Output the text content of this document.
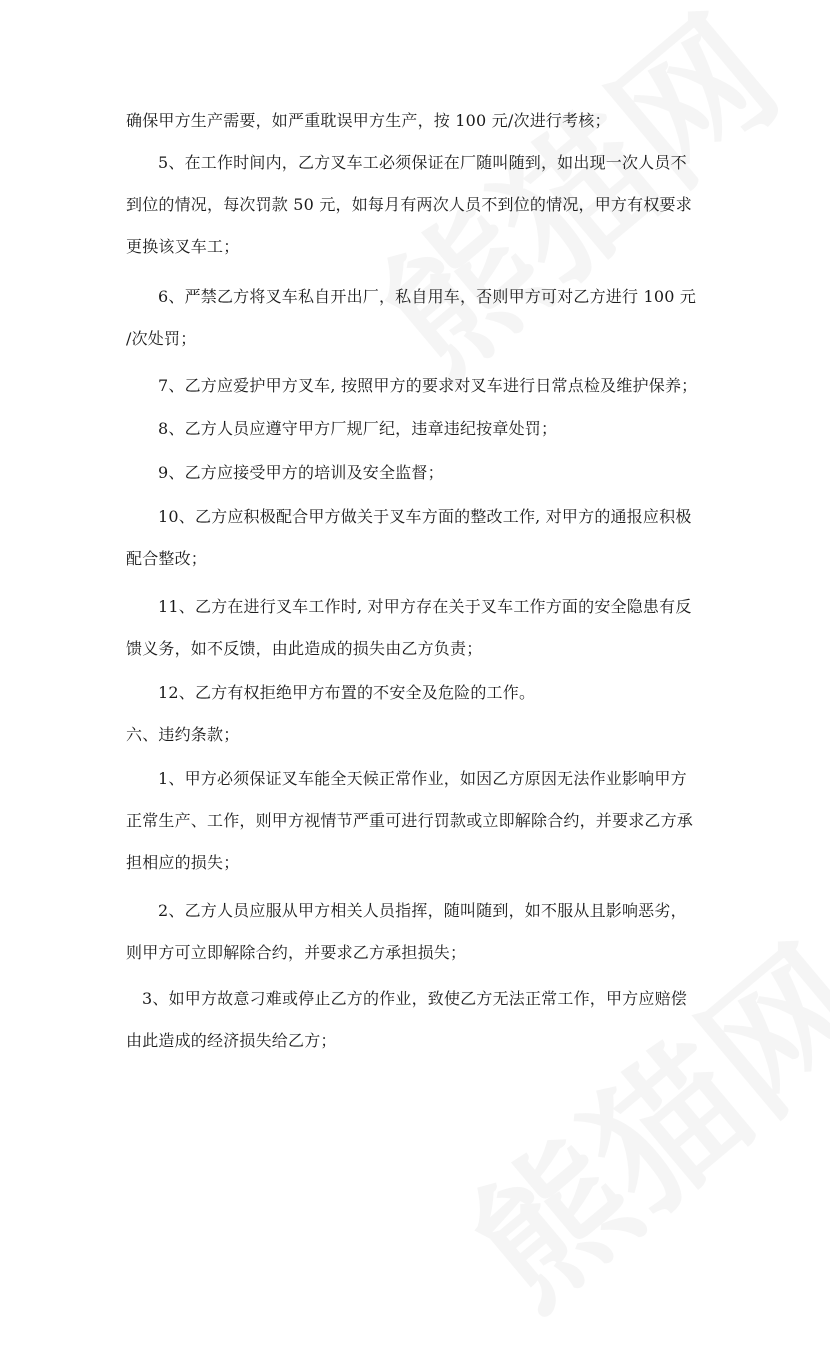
确保甲方生产需要，如严重耽误甲方生产，按 100 元/次进行考核；
5、在工作时间内，乙方叉车工必须保证在厂随叫随到，如出现一次人员不
到位的情况，每次罚款 50 元，如每月有两次人员不到位的情况，甲方有权要求
更换该叉车工；
6、严禁乙方将叉车私自开出厂，私自用车，否则甲方可对乙方进行 100 元
/次处罚；
7、乙方应爱护甲方叉车, 按照甲方的要求对叉车进行日常点检及维护保养；
8、乙方人员应遵守甲方厂规厂纪，违章违纪按章处罚；
9、乙方应接受甲方的培训及安全监督；
10、乙方应积极配合甲方做关于叉车方面的整改工作, 对甲方的通报应积极
配合整改；
11、乙方在进行叉车工作时, 对甲方存在关于叉车工作方面的安全隐患有反
馈义务，如不反馈，由此造成的损失由乙方负责；
12、乙方有权拒绝甲方布置的不安全及危险的工作。
六、违约条款；
1、甲方必须保证叉车能全天候正常作业，如因乙方原因无法作业影响甲方
正常生产、工作，则甲方视情节严重可进行罚款或立即解除合约，并要求乙方承
担相应的损失；
2、乙方人员应服从甲方相关人员指挥，随叫随到，如不服从且影响恶劣，
则甲方可立即解除合约，并要求乙方承担损失；
3、如甲方故意刁难或停止乙方的作业，致使乙方无法正常工作，甲方应赔偿
由此造成的经济损失给乙方；
